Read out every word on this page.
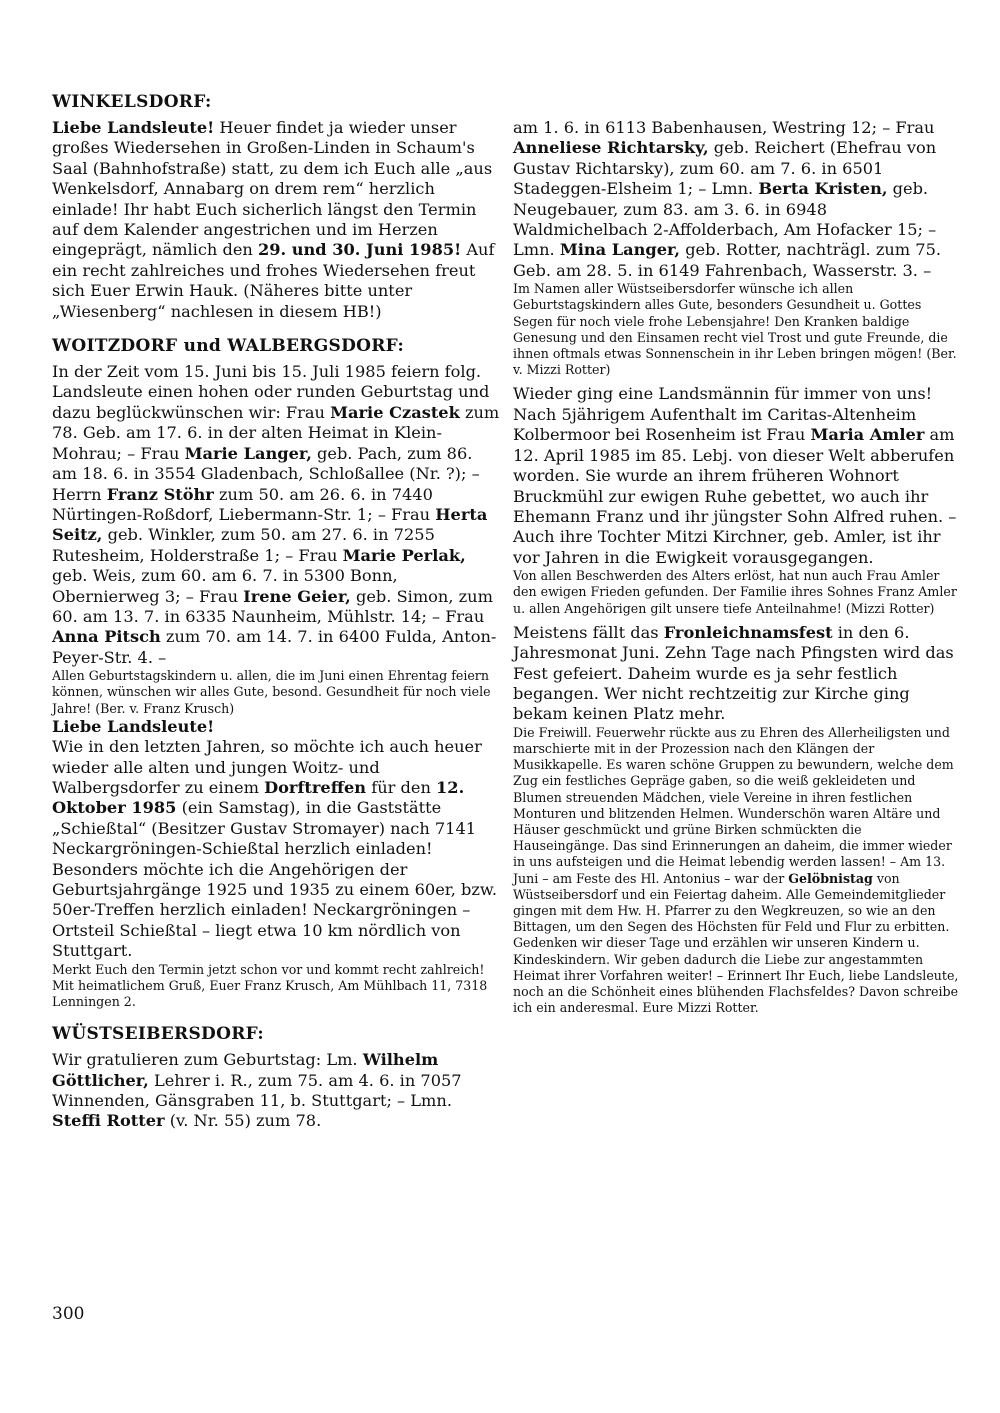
WINKELSDORF:

Liebe Landsleute! Heuer findet ja wieder unser großes Wiedersehen in Großen-Linden in Schaum's Saal (Bahnhofstraße) statt, zu dem ich Euch alle „aus Wenkelsdorf, Annabarg on drem rem“ herzlich einlade! Ihr habt Euch sicherlich längst den Termin auf dem Kalender angestrichen und im Herzen eingeprägt, nämlich den 29. und 30. Juni 1985! Auf ein recht zahlreiches und frohes Wiedersehen freut sich Euer Erwin Hauk. (Näheres bitte unter „Wiesenberg“ nachlesen in diesem HB!)

WOITZDORF und WALBERGSDORF:

In der Zeit vom 15. Juni bis 15. Juli 1985 feiern folg. Landsleute einen hohen oder runden Geburtstag und dazu beglückwünschen wir: Frau Marie Czastek zum 78. Geb. am 17. 6. in der alten Heimat in Klein-Mohrau; – Frau Marie Langer, geb. Pach, zum 86. am 18. 6. in 3554 Gladenbach, Schloßallee (Nr. ?); – Herrn Franz Stöhr zum 50. am 26. 6. in 7440 Nürtingen-Roßdorf, Liebermann-Str. 1; – Frau Herta Seitz, geb. Winkler, zum 50. am 27. 6. in 7255 Rutesheim, Holderstraße 1; – Frau Marie Perlak, geb. Weis, zum 60. am 6. 7. in 5300 Bonn, Obernierweg 3; – Frau Irene Geier, geb. Simon, zum 60. am 13. 7. in 6335 Naunheim, Mühlstr. 14; – Frau Anna Pitsch zum 70. am 14. 7. in 6400 Fulda, Anton-Peyer-Str. 4. –

Allen Geburtstagskindern u. allen, die im Juni einen Ehrentag feiern können, wünschen wir alles Gute, besond. Gesundheit für noch viele Jahre! (Ber. v. Franz Krusch)

Liebe Landsleute!

Wie in den letzten Jahren, so möchte ich auch heuer wieder alle alten und jungen Woitz- und Walbergsdorfer zu einem Dorftreffen für den 12. Oktober 1985 (ein Samstag), in die Gaststätte „Schießtal“ (Besitzer Gustav Stromayer) nach 7141 Neckargröningen-Schießtal herzlich einladen! Besonders möchte ich die Angehörigen der Geburtsjahrgänge 1925 und 1935 zu einem 60er, bzw. 50er-Treffen herzlich einladen! Neckargröningen – Ortsteil Schießtal – liegt etwa 10 km nördlich von Stuttgart.

Merkt Euch den Termin jetzt schon vor und kommt recht zahlreich! Mit heimatlichem Gruß, Euer Franz Krusch, Am Mühlbach 11, 7318 Lenningen 2.

WÜSTSEIBERSDORF:

Wir gratulieren zum Geburtstag: Lm. Wilhelm Göttlicher, Lehrer i. R., zum 75. am 4. 6. in 7057 Winnenden, Gänsgraben 11, b. Stuttgart; – Lmn. Steffi Rotter (v. Nr. 55) zum 78.

am 1. 6. in 6113 Babenhausen, Westring 12; – Frau Anneliese Richtarsky, geb. Reichert (Ehefrau von Gustav Richtarsky), zum 60. am 7. 6. in 6501 Stadeggen-Elsheim 1; – Lmn. Berta Kristen, geb. Neugebauer, zum 83. am 3. 6. in 6948 Waldmichelbach 2-Affolderbach, Am Hofacker 15; – Lmn. Mina Langer, geb. Rotter, nachträgl. zum 75. Geb. am 28. 5. in 6149 Fahrenbach, Wasserstr. 3. –

Im Namen aller Wüstseibersdorfer wünsche ich allen Geburtstagskindern alles Gute, besonders Gesundheit u. Gottes Segen für noch viele frohe Lebensjahre! Den Kranken baldige Genesung und den Einsamen recht viel Trost und gute Freunde, die ihnen oftmals etwas Sonnenschein in ihr Leben bringen mögen! (Ber. v. Mizzi Rotter)

Wieder ging eine Landsmännin für immer von uns! Nach 5jährigem Aufenthalt im Caritas-Altenheim Kolbermoor bei Rosenheim ist Frau Maria Amler am 12. April 1985 im 85. Lebj. von dieser Welt abberufen worden. Sie wurde an ihrem früheren Wohnort Bruckmühl zur ewigen Ruhe gebettet, wo auch ihr Ehemann Franz und ihr jüngster Sohn Alfred ruhen. – Auch ihre Tochter Mitzi Kirchner, geb. Amler, ist ihr vor Jahren in die Ewigkeit vorausgegangen.

Von allen Beschwerden des Alters erlöst, hat nun auch Frau Amler den ewigen Frieden gefunden. Der Familie ihres Sohnes Franz Amler u. allen Angehörigen gilt unsere tiefe Anteilnahme! (Mizzi Rotter)

Meistens fällt das Fronleichnamsfest in den 6. Jahresmonat Juni. Zehn Tage nach Pfingsten wird das Fest gefeiert. Daheim wurde es ja sehr festlich begangen. Wer nicht rechtzeitig zur Kirche ging bekam keinen Platz mehr.

Die Freiwill. Feuerwehr rückte aus zu Ehren des Allerheiligsten und marschierte mit in der Prozession nach den Klängen der Musikkapelle. Es waren schöne Gruppen zu bewundern, welche dem Zug ein festliches Gepräge gaben, so die weiß gekleideten und Blumen streuenden Mädchen, viele Vereine in ihren festlichen Monturen und blitzenden Helmen. Wunderschön waren Altäre und Häuser geschmückt und grüne Birken schmückten die Hauseingänge. Das sind Erinnerungen an daheim, die immer wieder in uns aufsteigen und die Heimat lebendig werden lassen! – Am 13. Juni – am Feste des Hl. Antonius – war der Gelöbnistag von Wüstseibersdorf und ein Feiertag daheim. Alle Gemeindemitglieder gingen mit dem Hw. H. Pfarrer zu den Wegkreuzen, so wie an den Bittagen, um den Segen des Höchsten für Feld und Flur zu erbitten. Gedenken wir dieser Tage und erzählen wir unseren Kindern u. Kindeskindern. Wir geben dadurch die Liebe zur angestammten Heimat ihrer Vorfahren weiter! – Erinnert Ihr Euch, liebe Landsleute, noch an die Schönheit eines blühenden Flachsfeldes? Davon schreibe ich ein anderesmal. Eure Mizzi Rotter.

300
